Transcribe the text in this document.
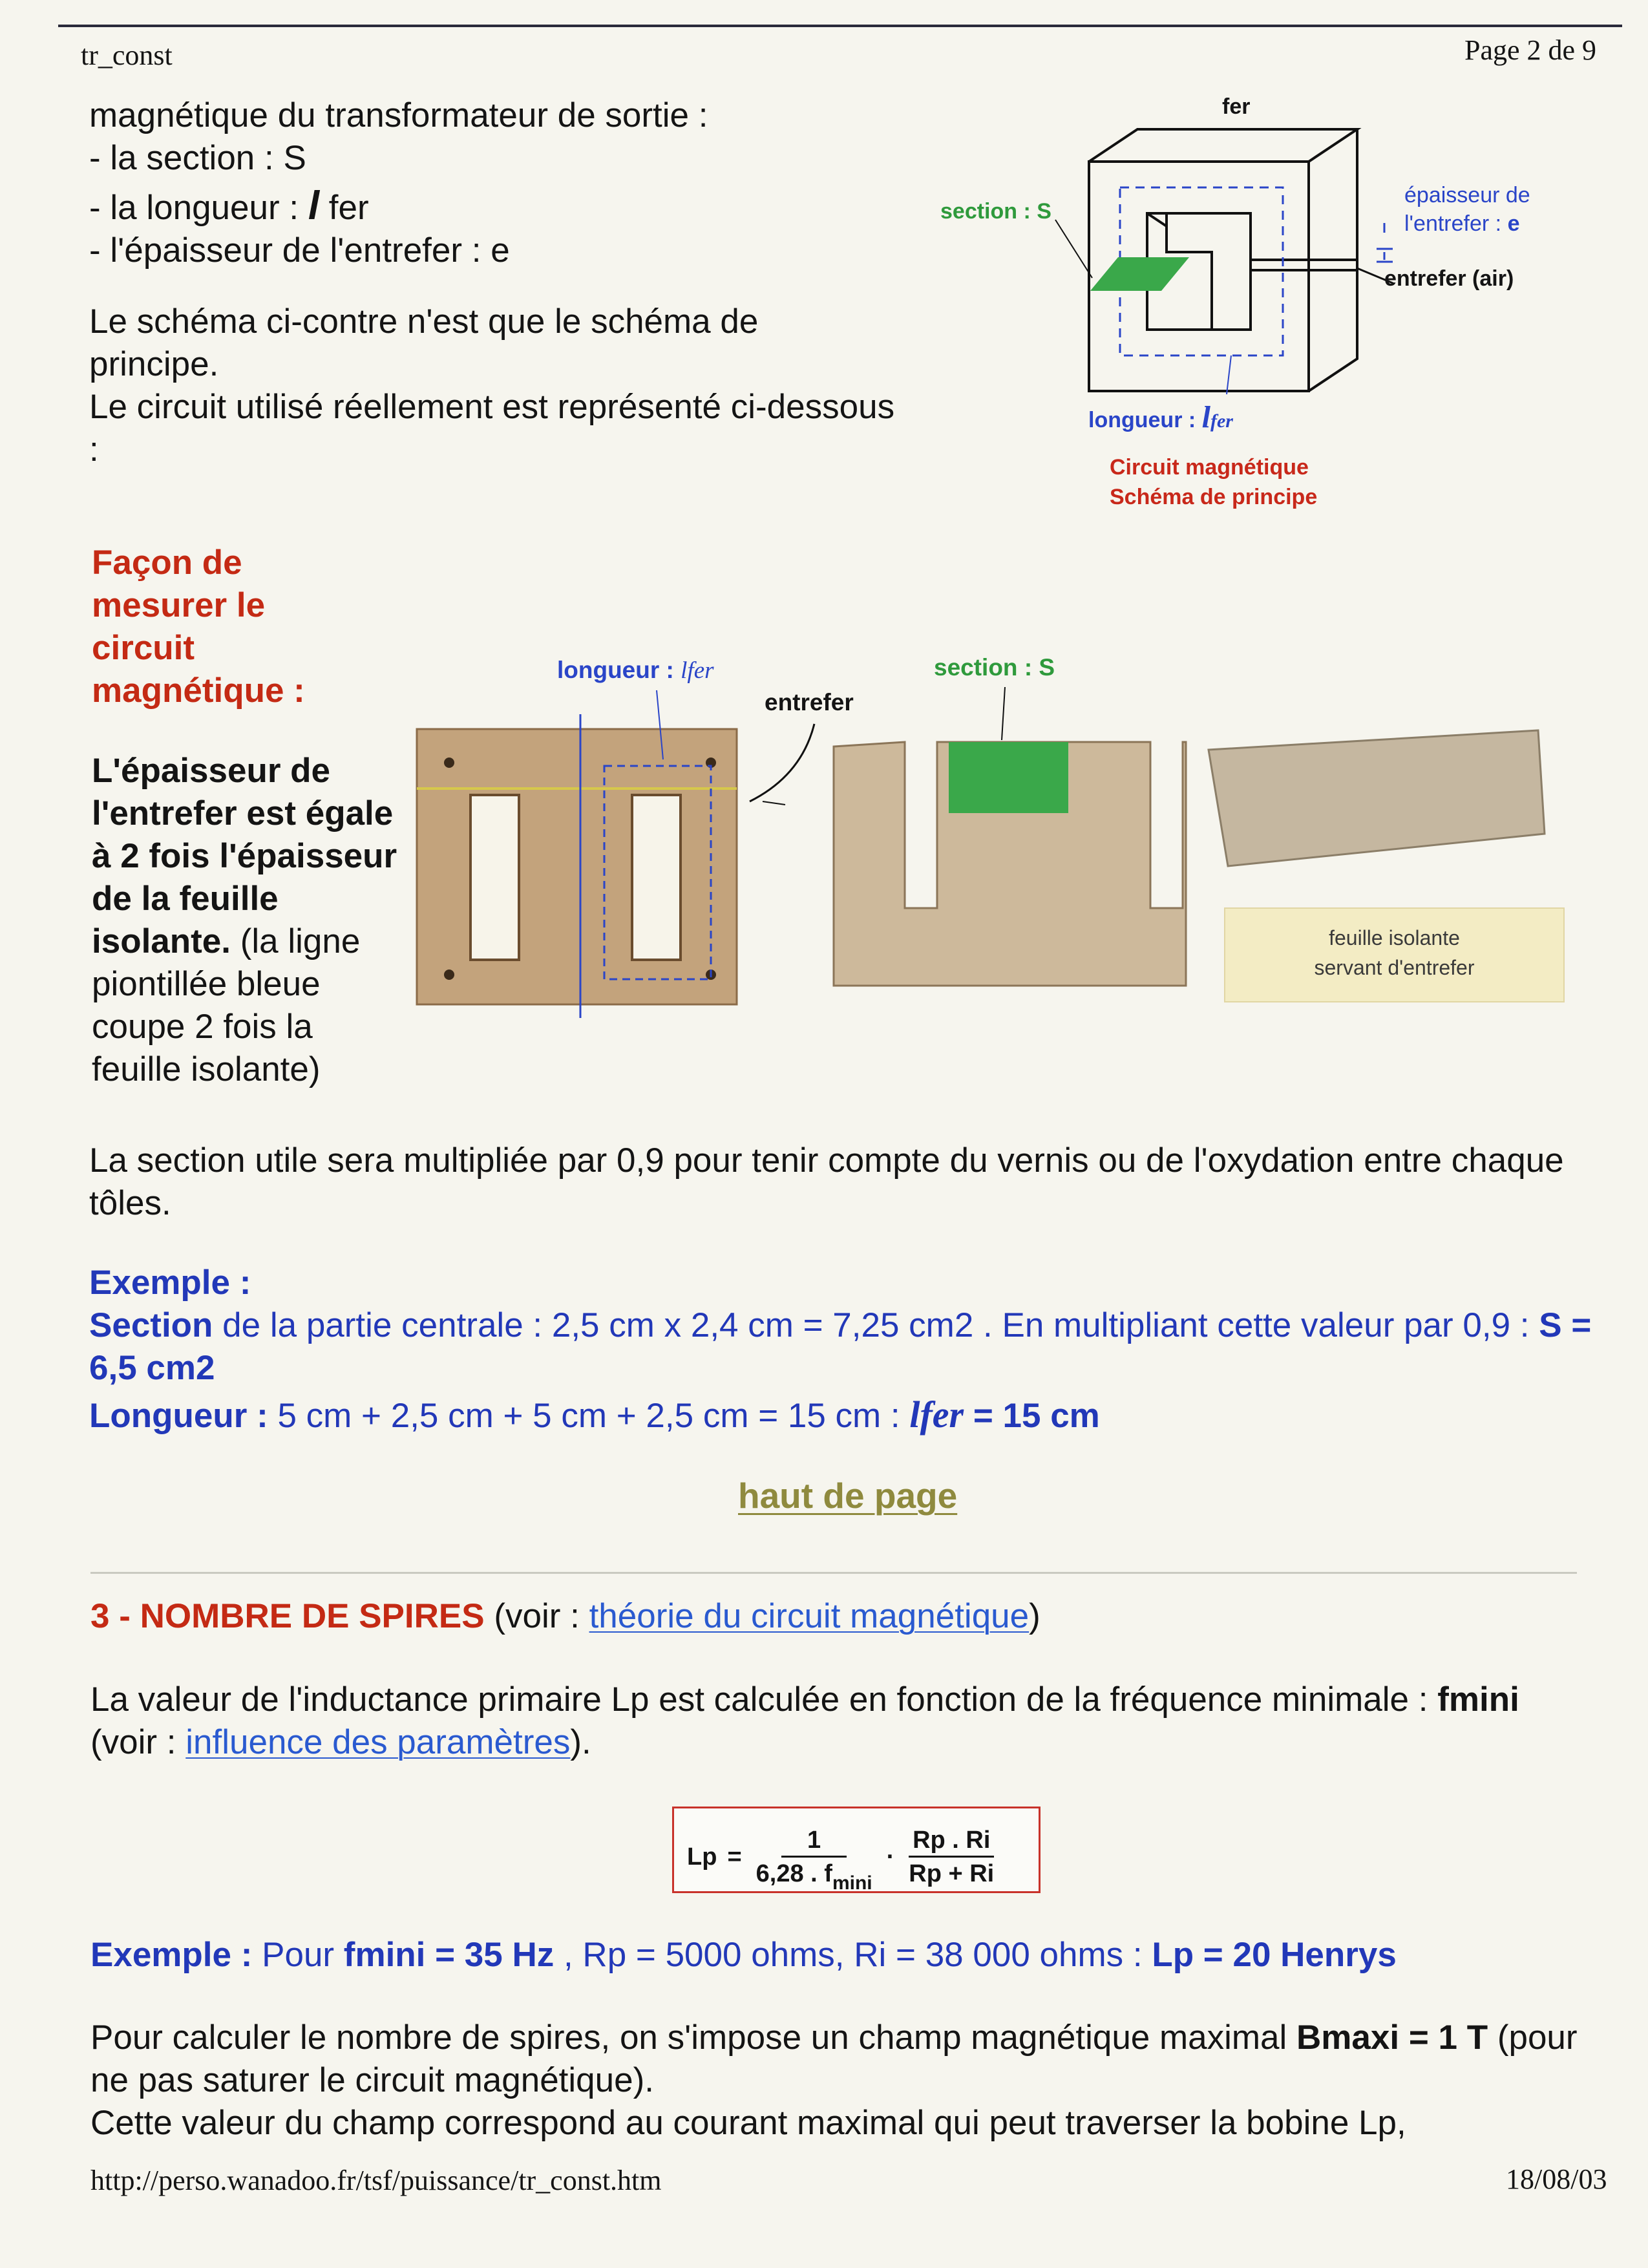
tr_const	Page 2 de 9

magnétique du transformateur de sortie :

- la section : S

- la longueur : l fer

- l'épaisseur de l'entrefer : e

Le schéma ci-contre n'est que le schéma de principe.

Le circuit utilisé réellement est représenté ci-dessous :

fer
section : S
épaisseur de
l'entrefer : e
entrefer (air)
longueur : lfer
Circuit magnétique
Schéma de principe
Façon de mesurer le circuit magnétique :
L'épaisseur de l'entrefer est égale à 2 fois l'épaisseur de la feuille isolante. (la ligne piontillée bleue coupe 2 fois la feuille isolante)
longueur : lfer	section : S
entrefer
feuille isolante
servant d'entrefer
La section utile sera multipliée par 0,9 pour tenir compte du vernis ou de l'oxydation entre chaque tôles.

Exemple :

Section de la partie centrale : 2,5 cm x 2,4 cm = 7,25 cm2 . En multipliant cette valeur par 0,9 : S = 6,5 cm2

Longueur : 5 cm + 2,5 cm + 5 cm + 2,5 cm = 15 cm : lfer = 15 cm

haut de page
3 - NOMBRE DE SPIRES (voir : théorie du circuit magnétique)
La valeur de l'inductance primaire Lp est calculée en fonction de la fréquence minimale : fmini (voir : influence des paramètres).
$Lp = \frac{1}{6,28 . f_{mini}} \cdot \frac{Rp . Ri}{Rp + Ri}$
Exemple : Pour fmini = 35 Hz , Rp = 5000 ohms, Ri = 38 000 ohms : Lp = 20 Henrys
Pour calculer le nombre de spires, on s'impose un champ magnétique maximal Bmaxi = 1 T (pour ne pas saturer le circuit magnétique).
Cette valeur du champ correspond au courant maximal qui peut traverser la bobine Lp,
http://perso.wanadoo.fr/tsf/puissance/tr_const.htm	18/08/03
